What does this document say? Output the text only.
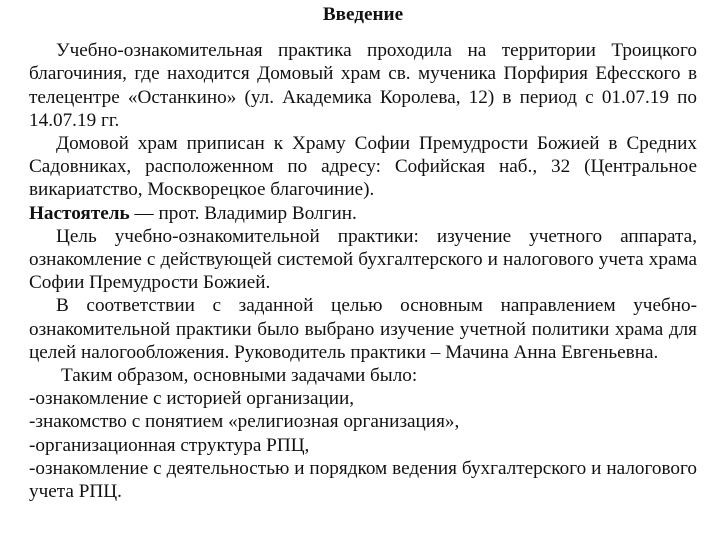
Введение

Учебно-ознакомительная практика проходила на территории Троицкого благочиния, где находится Домовый храм св. мученика Порфирия Ефесского в телецентре «Останкино» (ул. Академика Королева, 12) в период с 01.07.19 по 14.07.19 гг.

Домовой храм приписан к Храму Софии Премудрости Божией в Средних Садовниках, расположенном по адресу: Софийская наб., 32 (Центральное викариатство, Москворецкое благочиние).

Настоятель — прот. Владимир Волгин.

Цель учебно-ознакомительной практики: изучение учетного аппарата, ознакомление с действующей системой бухгалтерского и налогового учета храма Софии Премудрости Божией.

В соответствии с заданной целью основным направлением учебно-ознакомительной практики было выбрано изучение учетной политики храма для целей налогообложения. Руководитель практики – Мачина Анна Евгеньевна.

Таким образом, основными задачами было:

-ознакомление с историей организации,

-знакомство с понятием «религиозная организация»,

-организационная структура РПЦ,

-ознакомление с деятельностью и порядком ведения бухгалтерского и налогового учета РПЦ.
